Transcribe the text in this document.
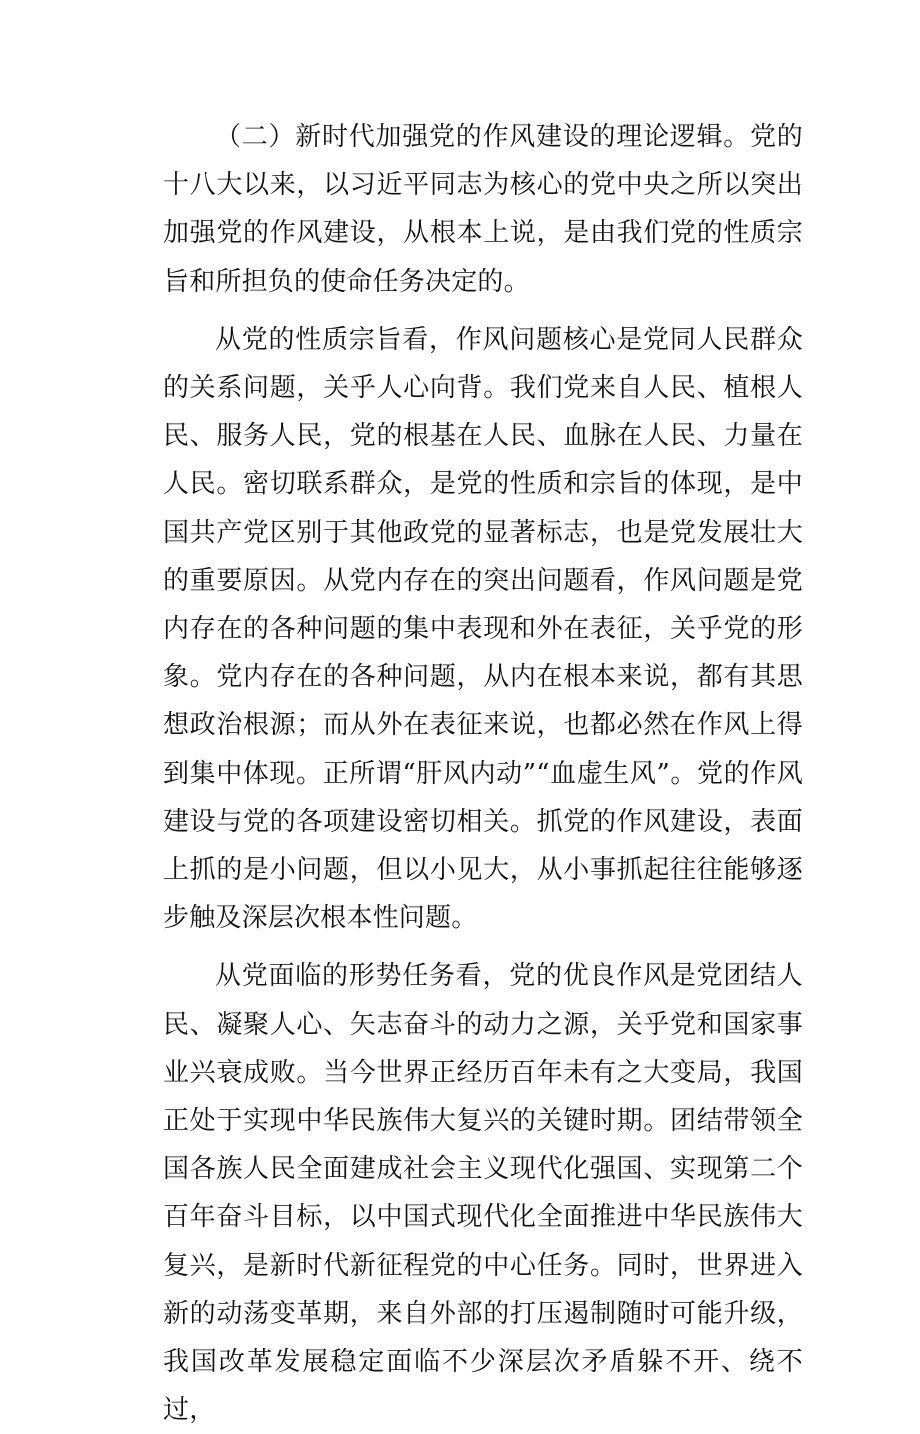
（二）新时代加强党的作风建设的理论逻辑。党的十八大以来，以习近平同志为核心的党中央之所以突出加强党的作风建设，从根本上说，是由我们党的性质宗旨和所担负的使命任务决定的。

从党的性质宗旨看，作风问题核心是党同人民群众的关系问题，关乎人心向背。我们党来自人民、植根人民、服务人民，党的根基在人民、血脉在人民、力量在人民。密切联系群众，是党的性质和宗旨的体现，是中国共产党区别于其他政党的显著标志，也是党发展壮大的重要原因。从党内存在的突出问题看，作风问题是党内存在的各种问题的集中表现和外在表征，关乎党的形象。党内存在的各种问题，从内在根本来说，都有其思想政治根源；而从外在表征来说，也都必然在作风上得到集中体现。正所谓“肝风内动”“血虚生风”。党的作风建设与党的各项建设密切相关。抓党的作风建设，表面上抓的是小问题，但以小见大，从小事抓起往往能够逐步触及深层次根本性问题。

从党面临的形势任务看，党的优良作风是党团结人民、凝聚人心、矢志奋斗的动力之源，关乎党和国家事业兴衰成败。当今世界正经历百年未有之大变局，我国正处于实现中华民族伟大复兴的关键时期。团结带领全国各族人民全面建成社会主义现代化强国、实现第二个百年奋斗目标，以中国式现代化全面推进中华民族伟大复兴，是新时代新征程党的中心任务。同时，世界进入新的动荡变革期，来自外部的打压遏制随时可能升级，我国改革发展稳定面临不少深层次矛盾躲不开、绕不过，
